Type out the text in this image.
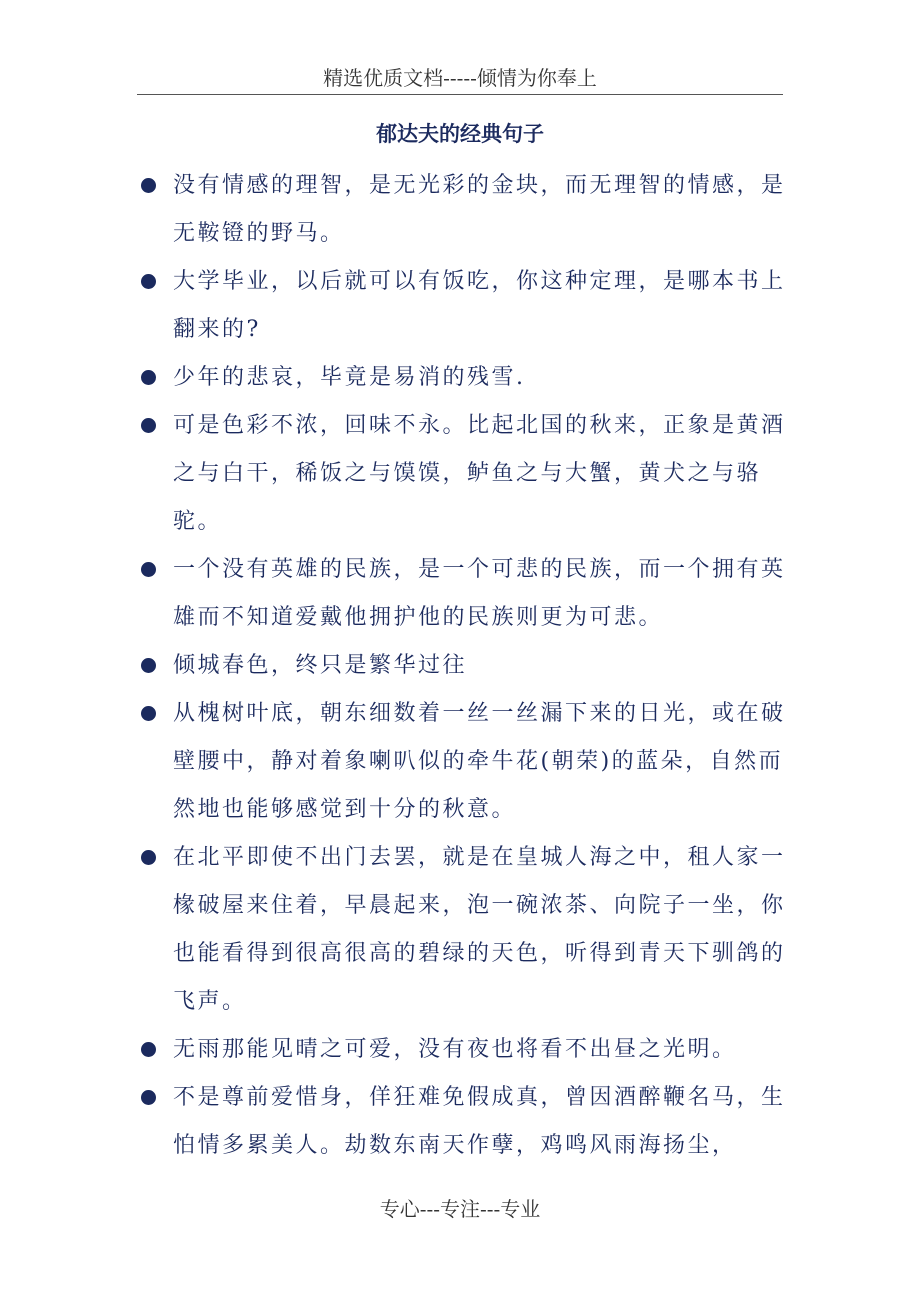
精选优质文档-----倾情为你奉上
郁达夫的经典句子
没有情感的理智，是无光彩的金块，而无理智的情感，是无鞍镫的野马。
大学毕业，以后就可以有饭吃，你这种定理，是哪本书上翻来的?
少年的悲哀，毕竟是易消的残雪.
可是色彩不浓，回味不永。比起北国的秋来，正象是黄酒之与白干，稀饭之与馍馍，鲈鱼之与大蟹，黄犬之与骆驼。
一个没有英雄的民族，是一个可悲的民族，而一个拥有英雄而不知道爱戴他拥护他的民族则更为可悲。
倾城春色，终只是繁华过往
从槐树叶底，朝东细数着一丝一丝漏下来的日光，或在破壁腰中，静对着象喇叭似的牵牛花(朝荣)的蓝朵，自然而然地也能够感觉到十分的秋意。
在北平即使不出门去罢，就是在皇城人海之中，租人家一椽破屋来住着，早晨起来，泡一碗浓茶、向院子一坐，你也能看得到很高很高的碧绿的天色，听得到青天下驯鸽的飞声。
无雨那能见晴之可爱，没有夜也将看不出昼之光明。
不是尊前爱惜身，佯狂难免假成真，曾因酒醉鞭名马，生怕情多累美人。劫数东南天作孽，鸡鸣风雨海扬尘，
专心---专注---专业
